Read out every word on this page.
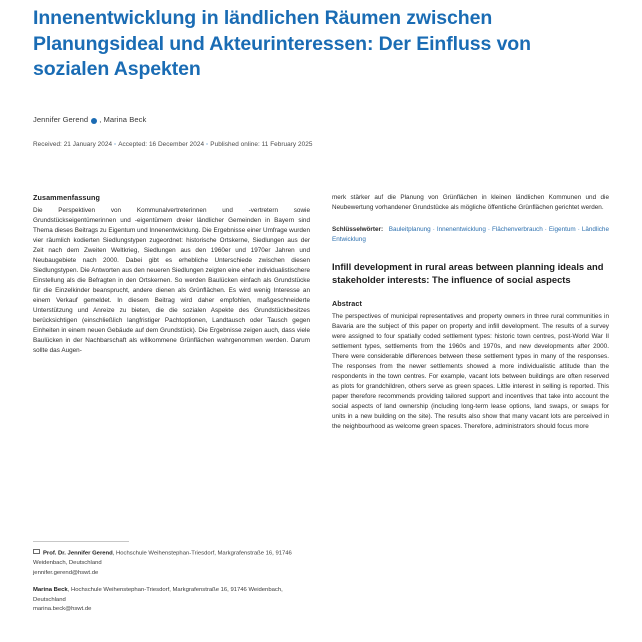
Innenentwicklung in ländlichen Räumen zwischen Planungsideal und Akteurinteressen: Der Einfluss von sozialen Aspekten
Jennifer Gerend , Marina Beck
Received: 21 January 2024 · Accepted: 16 December 2024 · Published online: 11 February 2025
Zusammenfassung

Die Perspektiven von Kommunalvertreterinnen und -vertretern sowie Grundstückseigentümerinnen und -eigentümern dreier ländlicher Gemeinden in Bayern sind Thema dieses Beitrags zu Eigentum und Innenentwicklung. Die Ergebnisse einer Umfrage wurden vier räumlich kodierten Siedlungstypen zugeordnet: historische Ortskerne, Siedlungen aus der Zeit nach dem Zweiten Weltkrieg, Siedlungen aus den 1960er und 1970er Jahren und Neubaugebiete nach 2000. Dabei gibt es erhebliche Unterschiede zwischen diesen Siedlungstypen. Die Antworten aus den neueren Siedlungen zeigten eine eher individualistischere Einstellung als die Befragten in den Ortskernen. So werden Baulücken einfach als Grundstücke für die Einzelkinder beansprucht, andere dienen als Grünflächen. Es wird wenig Interesse an einem Verkauf gemeldet. In diesem Beitrag wird daher empfohlen, maßgeschneiderte Unterstützung und Anreize zu bieten, die die sozialen Aspekte des Grundstückbesitzes berücksichtigen (einschließlich langfristiger Pachtoptionen, Landtausch oder Tausch gegen Einheiten in einem neuen Gebäude auf dem Grundstück). Die Ergebnisse zeigen auch, dass viele Baulücken in der Nachbarschaft als willkommene Grünflächen wahrgenommen werden. Darum sollte das Augen-

merk stärker auf die Planung von Grünflächen in kleinen ländlichen Kommunen und die Neubewertung vorhandener Grundstücke als mögliche öffentliche Grünflächen gerichtet werden.

Schlüsselwörter: Bauleitplanung · Innenentwicklung · Flächenverbrauch · Eigentum · Ländliche Entwicklung
Infill development in rural areas between planning ideals and stakeholder interests: The influence of social aspects
Abstract

The perspectives of municipal representatives and property owners in three rural communities in Bavaria are the subject of this paper on property and infill development. The results of a survey were assigned to four spatially coded settlement types: historic town centres, post-World War II settlement types, settlements from the 1960s and 1970s, and new developments after 2000. There were considerable differences between these settlement types in many of the responses. The responses from the newer settlements showed a more individualistic attitude than the respondents in the town centres. For example, vacant lots between buildings are often reserved as plots for grandchildren, others serve as green spaces. Little interest in selling is reported. This paper therefore recommends providing tailored support and incentives that take into account the social aspects of land ownership (including long-term lease options, land swaps, or swaps for units in a new building on the site). The results also show that many vacant lots are perceived in the neighbourhood as welcome green spaces. Therefore, administrators should focus more

Prof. Dr. Jennifer Gerend, Hochschule Weihenstephan-Triesdorf, Markgrafenstraße 16, 91746 Weidenbach, Deutschland
jennifer.gerend@hswt.de

Marina Beck, Hochschule Weihenstephan-Triesdorf, Markgrafenstraße 16, 91746 Weidenbach, Deutschland
marina.beck@hswt.de
